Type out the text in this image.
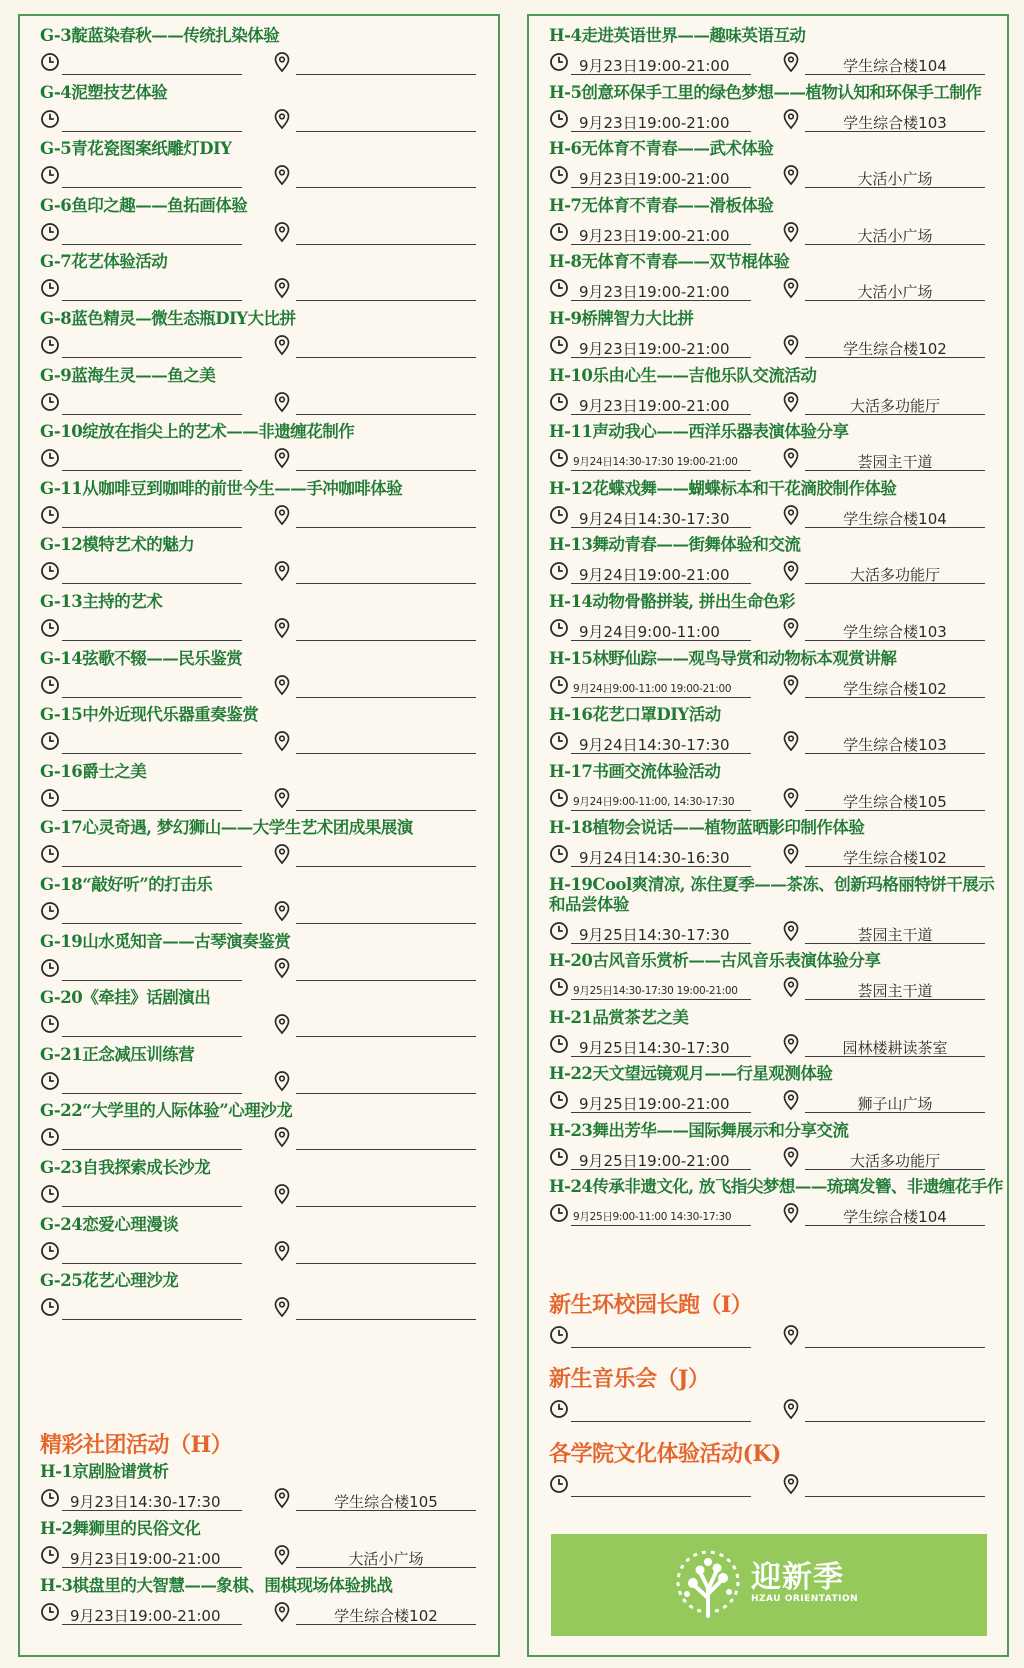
G-3靛蓝染春秋——传统扎染体验
G-4泥塑技艺体验
G-5青花瓷图案纸雕灯DIY
G-6鱼印之趣——鱼拓画体验
G-7花艺体验活动
G-8蓝色精灵—微生态瓶DIY大比拼
G-9蓝海生灵——鱼之美
G-10绽放在指尖上的艺术——非遗缠花制作
G-11从咖啡豆到咖啡的前世今生——手冲咖啡体验
G-12模特艺术的魅力
G-13主持的艺术
G-14弦歌不辍——民乐鉴赏
G-15中外近现代乐器重奏鉴赏
G-16爵士之美
G-17心灵奇遇, 梦幻狮山——大学生艺术团成果展演
G-18“敲好听”的打击乐
G-19山水觅知音——古琴演奏鉴赏
G-20《牵挂》话剧演出
G-21正念减压训练营
G-22“大学里的人际体验”心理沙龙
G-23自我探索成长沙龙
G-24恋爱心理漫谈
G-25花艺心理沙龙
精彩社团活动（H）
H-1京剧脸谱赏析
9月23日14:30-17:30	学生综合楼105
H-2舞狮里的民俗文化
9月23日19:00-21:00	大活小广场
H-3棋盘里的大智慧——象棋、围棋现场体验挑战
9月23日19:00-21:00	学生综合楼102
H-4走进英语世界——趣味英语互动
9月23日19:00-21:00	学生综合楼104
H-5创意环保手工里的绿色梦想——植物认知和环保手工制作
9月23日19:00-21:00	学生综合楼103
H-6无体育不青春——武术体验
9月23日19:00-21:00	大活小广场
H-7无体育不青春——滑板体验
9月23日19:00-21:00	大活小广场
H-8无体育不青春——双节棍体验
9月23日19:00-21:00	大活小广场
H-9桥牌智力大比拼
9月23日19:00-21:00	学生综合楼102
H-10乐由心生——吉他乐队交流活动
9月23日19:00-21:00	大活多功能厅
H-11声动我心——西洋乐器表演体验分享
9月24日14:30-17:30 19:00-21:00	荟园主干道
H-12花蝶戏舞——蝴蝶标本和干花滴胶制作体验
9月24日14:30-17:30	学生综合楼104
H-13舞动青春——街舞体验和交流
9月24日19:00-21:00	大活多功能厅
H-14动物骨骼拼装, 拼出生命色彩
9月24日9:00-11:00	学生综合楼103
H-15林野仙踪——观鸟导赏和动物标本观赏讲解
9月24日9:00-11:00 19:00-21:00	学生综合楼102
H-16花艺口罩DIY活动
9月24日14:30-17:30	学生综合楼103
H-17书画交流体验活动
9月24日9:00-11:00, 14:30-17:30	学生综合楼105
H-18植物会说话——植物蓝晒影印制作体验
9月24日14:30-16:30	学生综合楼102
H-19Cool爽清凉, 冻住夏季——茶冻、创新玛格丽特饼干展示和品尝体验
9月25日14:30-17:30	荟园主干道
H-20古风音乐赏析——古风音乐表演体验分享
9月25日14:30-17:30 19:00-21:00	荟园主干道
H-21品赏茶艺之美
9月25日14:30-17:30	园林楼耕读茶室
H-22天文望远镜观月——行星观测体验
9月25日19:00-21:00	狮子山广场
H-23舞出芳华——国际舞展示和分享交流
9月25日19:00-21:00	大活多功能厅
H-24传承非遗文化, 放飞指尖梦想——琉璃发簪、非遗缠花手作
9月25日9:00-11:00 14:30-17:30	学生综合楼104
新生环校园长跑（I）
新生音乐会（J）
各学院文化体验活动(K)
迎新季
HZAU ORIENTATION
